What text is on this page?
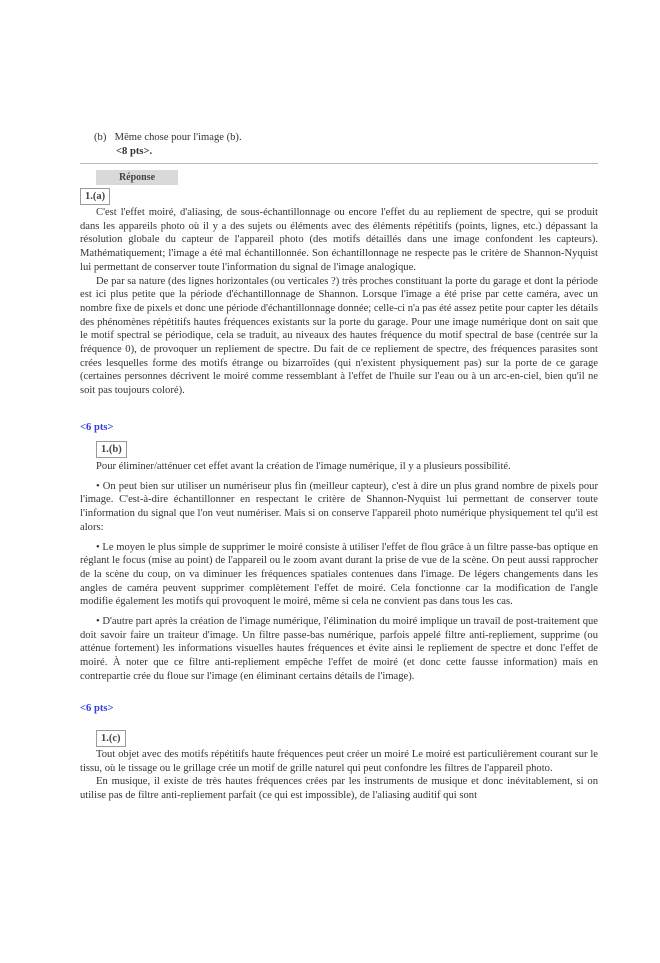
(b) Même chose pour l'image (b).
<8 pts>.
Réponse
1.(a)

C'est l'effet moiré, d'aliasing, de sous-échantillonnage ou encore l'effet du au repliement de spectre, qui se produit dans les appareils photo où il y a des sujets ou éléments avec des éléments répétitifs (points, lignes, etc.) dépassant la résolution globale du capteur de l'appareil photo (des motifs détaillés dans une image confondent les capteurs). Mathématiquement; l'image a été mal échantillonnée. Son échantillonnage ne respecte pas le critère de Shannon-Nyquist lui permettant de conserver toute l'information du signal de l'image analogique.

De par sa nature (des lignes horizontales (ou verticales ?) très proches constituant la porte du garage et dont la période est ici plus petite que la période d'échantillonnage de Shannon. Lorsque l'image a été prise par cette caméra, avec un nombre fixe de pixels et donc une période d'échantillonnage donnée; celle-ci n'a pas été assez petite pour capter les détails des phénomènes répétitifs hautes fréquences existants sur la porte du garage. Pour une image numérique dont on sait que le motif spectral se périodique, cela se traduit, au niveaux des hautes fréquence du motif spectral de base (centrée sur la fréquence 0), de provoquer un repliement de spectre. Du fait de ce repliement de spectre, des fréquences parasites sont crées lesquelles forme des motifs étrange ou bizarroïdes (qui n'existent physiquement pas) sur la porte de ce garage (certaines personnes décrivent le moiré comme ressemblant à l'effet de l'huile sur l'eau ou à un arc-en-ciel, bien qu'il ne soit pas toujours coloré).

<6 pts>
1.(b)

Pour éliminer/atténuer cet effet avant la création de l'image numérique, il y a plusieurs possibilité.

• On peut bien sur utiliser un numériseur plus fin (meilleur capteur), c'est à dire un plus grand nombre de pixels pour l'image. C'est-à-dire échantillonner en respectant le critère de Shannon-Nyquist lui permettant de conserver toute l'information du signal que l'on veut numériser. Mais si on conserve l'appareil photo numérique physiquement tel qu'il est alors:

• Le moyen le plus simple de supprimer le moiré consiste à utiliser l'effet de flou grâce à un filtre passe-bas optique en réglant le focus (mise au point) de l'appareil ou le zoom avant durant la prise de vue de la scène. On peut aussi rapprocher de la scène du coup, on va diminuer les fréquences spatiales contenues dans l'image. De légers changements dans les angles de caméra peuvent supprimer complètement l'effet de moiré. Cela fonctionne car la modification de l'angle modifie également les motifs qui provoquent le moiré, même si cela ne convient pas dans tous les cas.

• D'autre part après la création de l'image numérique, l'élimination du moiré implique un travail de post-traitement que doit savoir faire un traiteur d'image. Un filtre passe-bas numérique, parfois appelé filtre anti-repliement, supprime (ou atténue fortement) les informations visuelles hautes fréquences et évite ainsi le repliement de spectre et donc l'effet de moiré. À noter que ce filtre anti-repliement empêche l'effet de moiré (et donc cette fausse information) mais en contrepartie crée du floue sur l'image (en éliminant certains détails de l'image).

<6 pts>
1.(c)

Tout objet avec des motifs répétitifs haute fréquences peut créer un moiré Le moiré est particulièrement courant sur le tissu, où le tissage ou le grillage crée un motif de grille naturel qui peut confondre les filtres de l'appareil photo.

En musique, il existe de très hautes fréquences crées par les instruments de musique et donc inévitablement, si on utilise pas de filtre anti-repliement parfait (ce qui est impossible), de l'aliasing auditif qui sont
